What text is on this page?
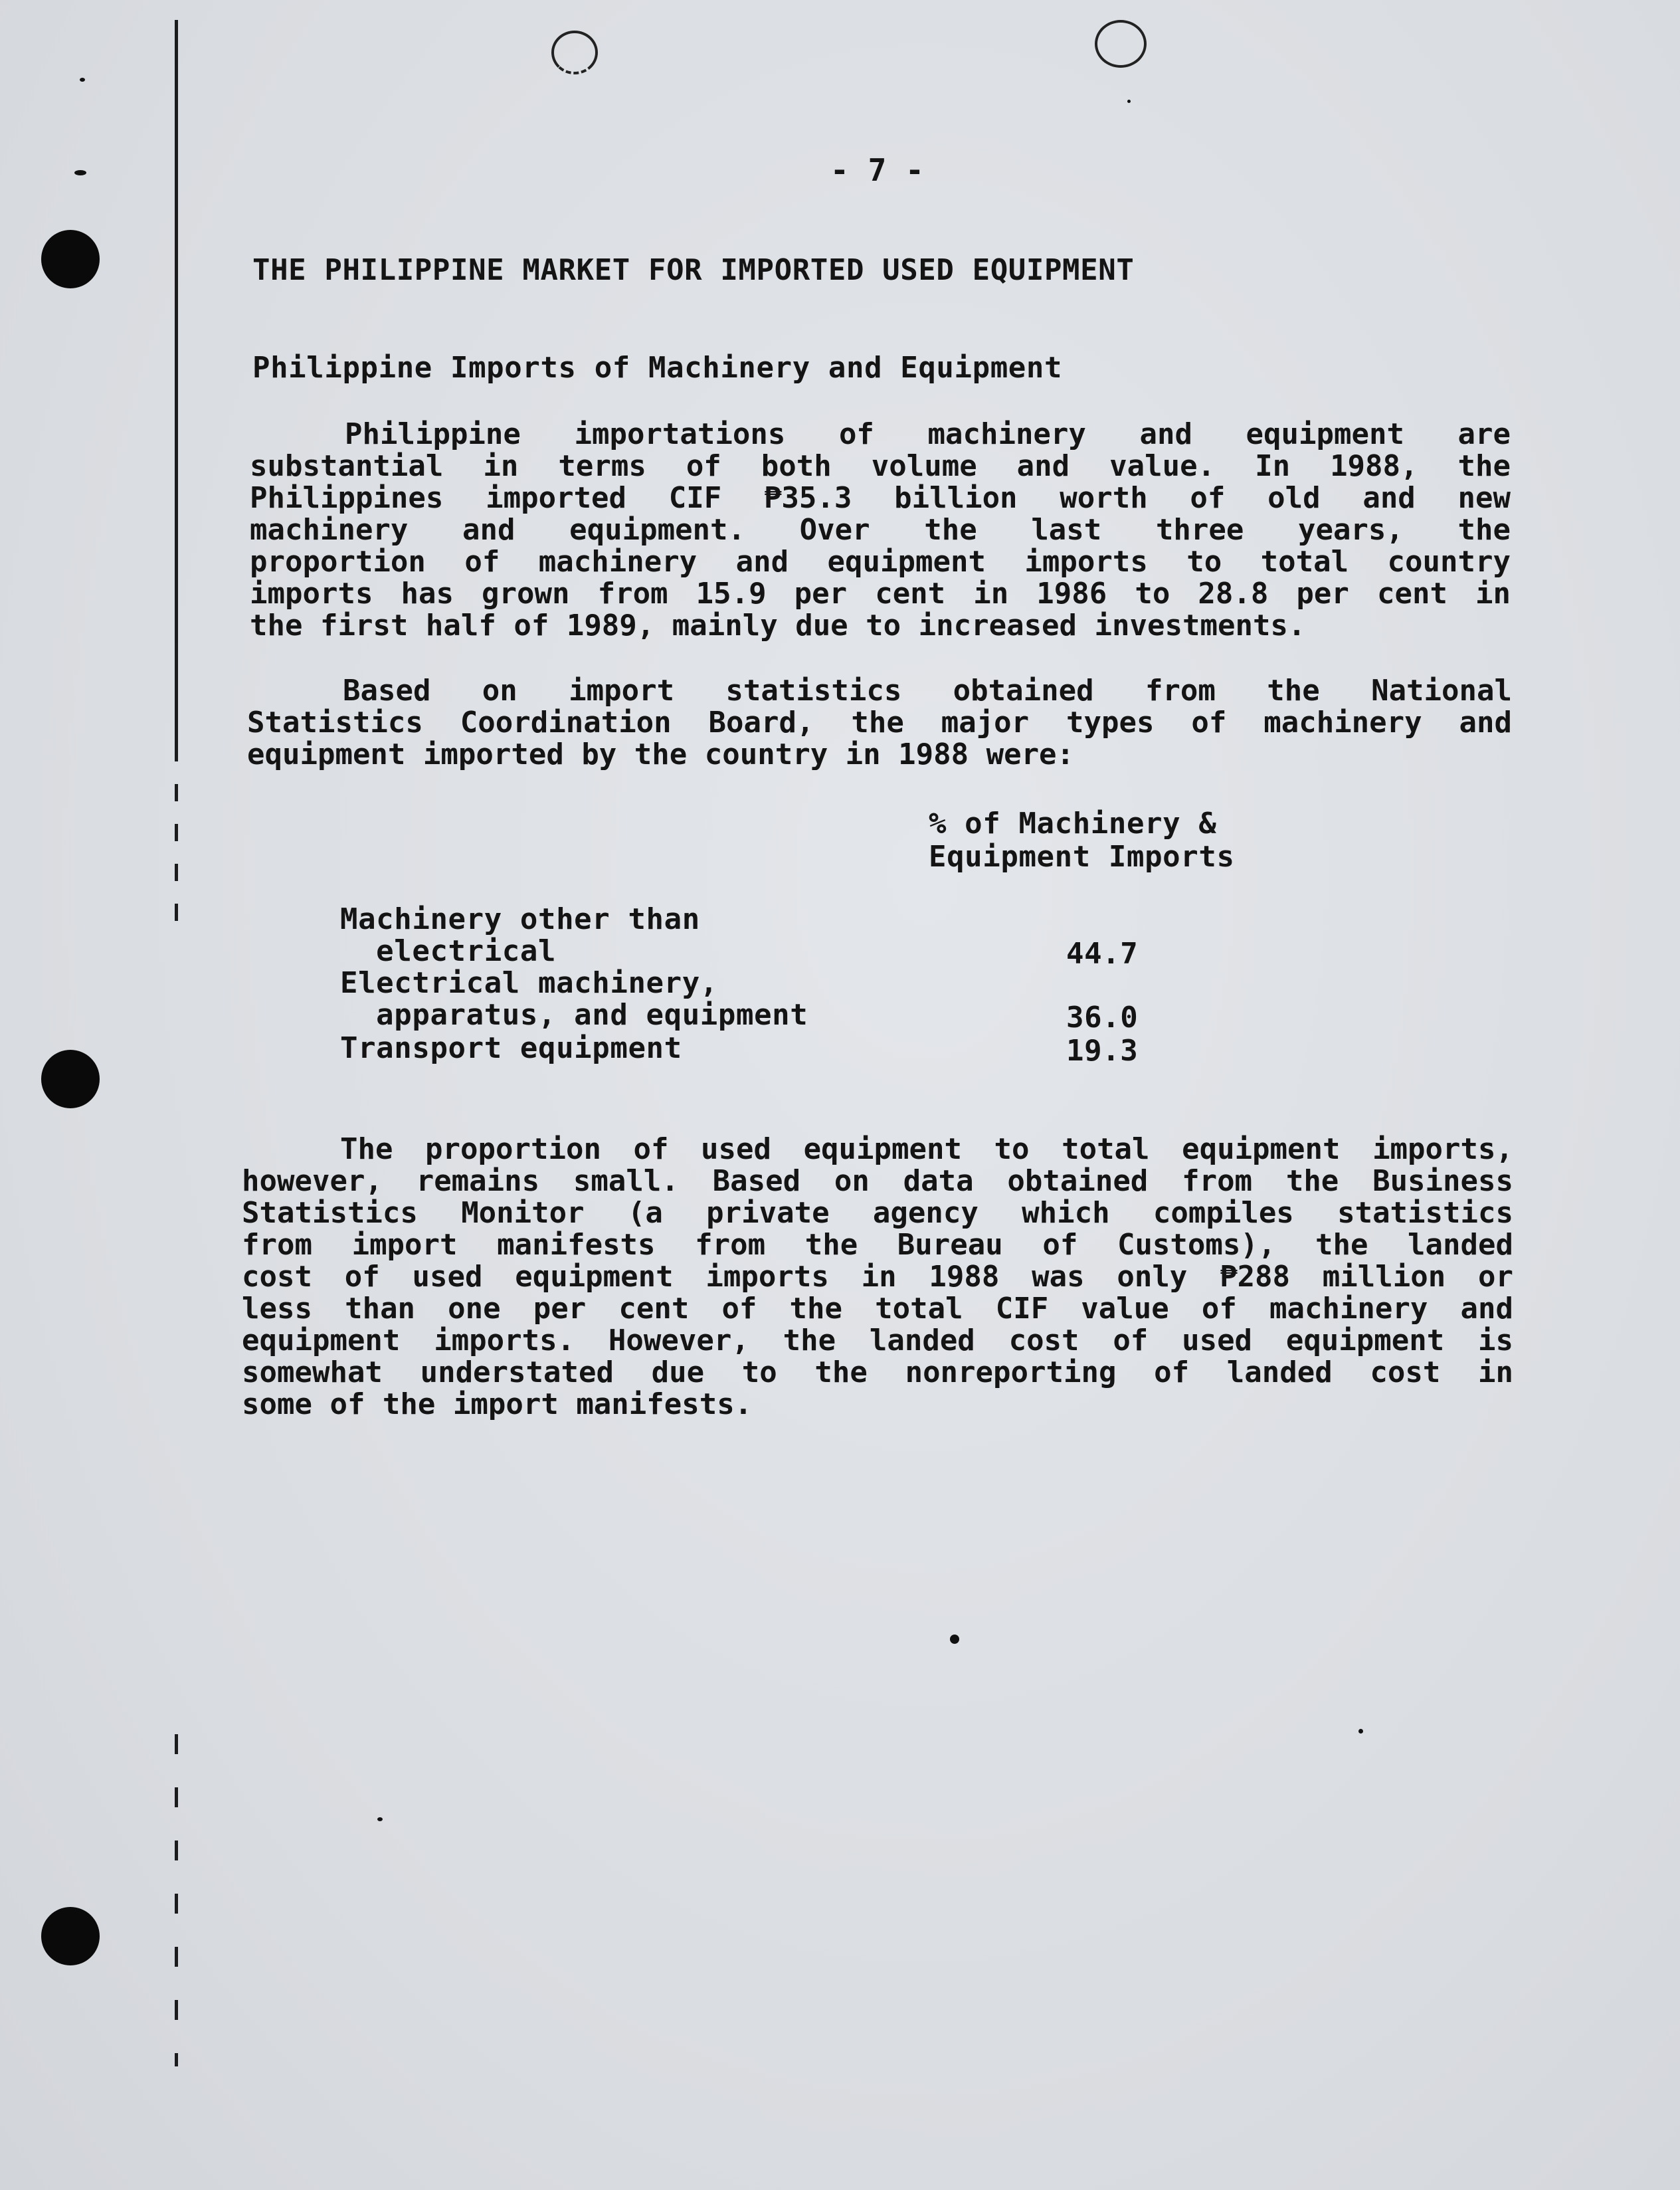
- 7 -
THE PHILIPPINE MARKET FOR IMPORTED USED EQUIPMENT
Philippine Imports of Machinery and Equipment
Philippine importations of machinery and equipment are
substantial in terms of both volume and value. In 1988, the
Philippines imported CIF ₱35.3 billion worth of old and new
machinery and equipment. Over the last three years, the
proportion of machinery and equipment imports to total country
imports has grown from 15.9 per cent in 1986 to 28.8 per cent in
the first half of 1989, mainly due to increased investments.
Based on import statistics obtained from the National
Statistics Coordination Board, the major types of machinery and
equipment imported by the country in 1988 were:
% of Machinery &
Equipment Imports
Machinery other than
electrical	44.7
Electrical machinery,
apparatus, and equipment	36.0
Transport equipment	19.3
The proportion of used equipment to total equipment imports,
however, remains small. Based on data obtained from the Business
Statistics Monitor (a private agency which compiles statistics
from import manifests from the Bureau of Customs), the landed
cost of used equipment imports in 1988 was only ₱288 million or
less than one per cent of the total CIF value of machinery and
equipment imports. However, the landed cost of used equipment is
somewhat understated due to the nonreporting of landed cost in
some of the import manifests.
